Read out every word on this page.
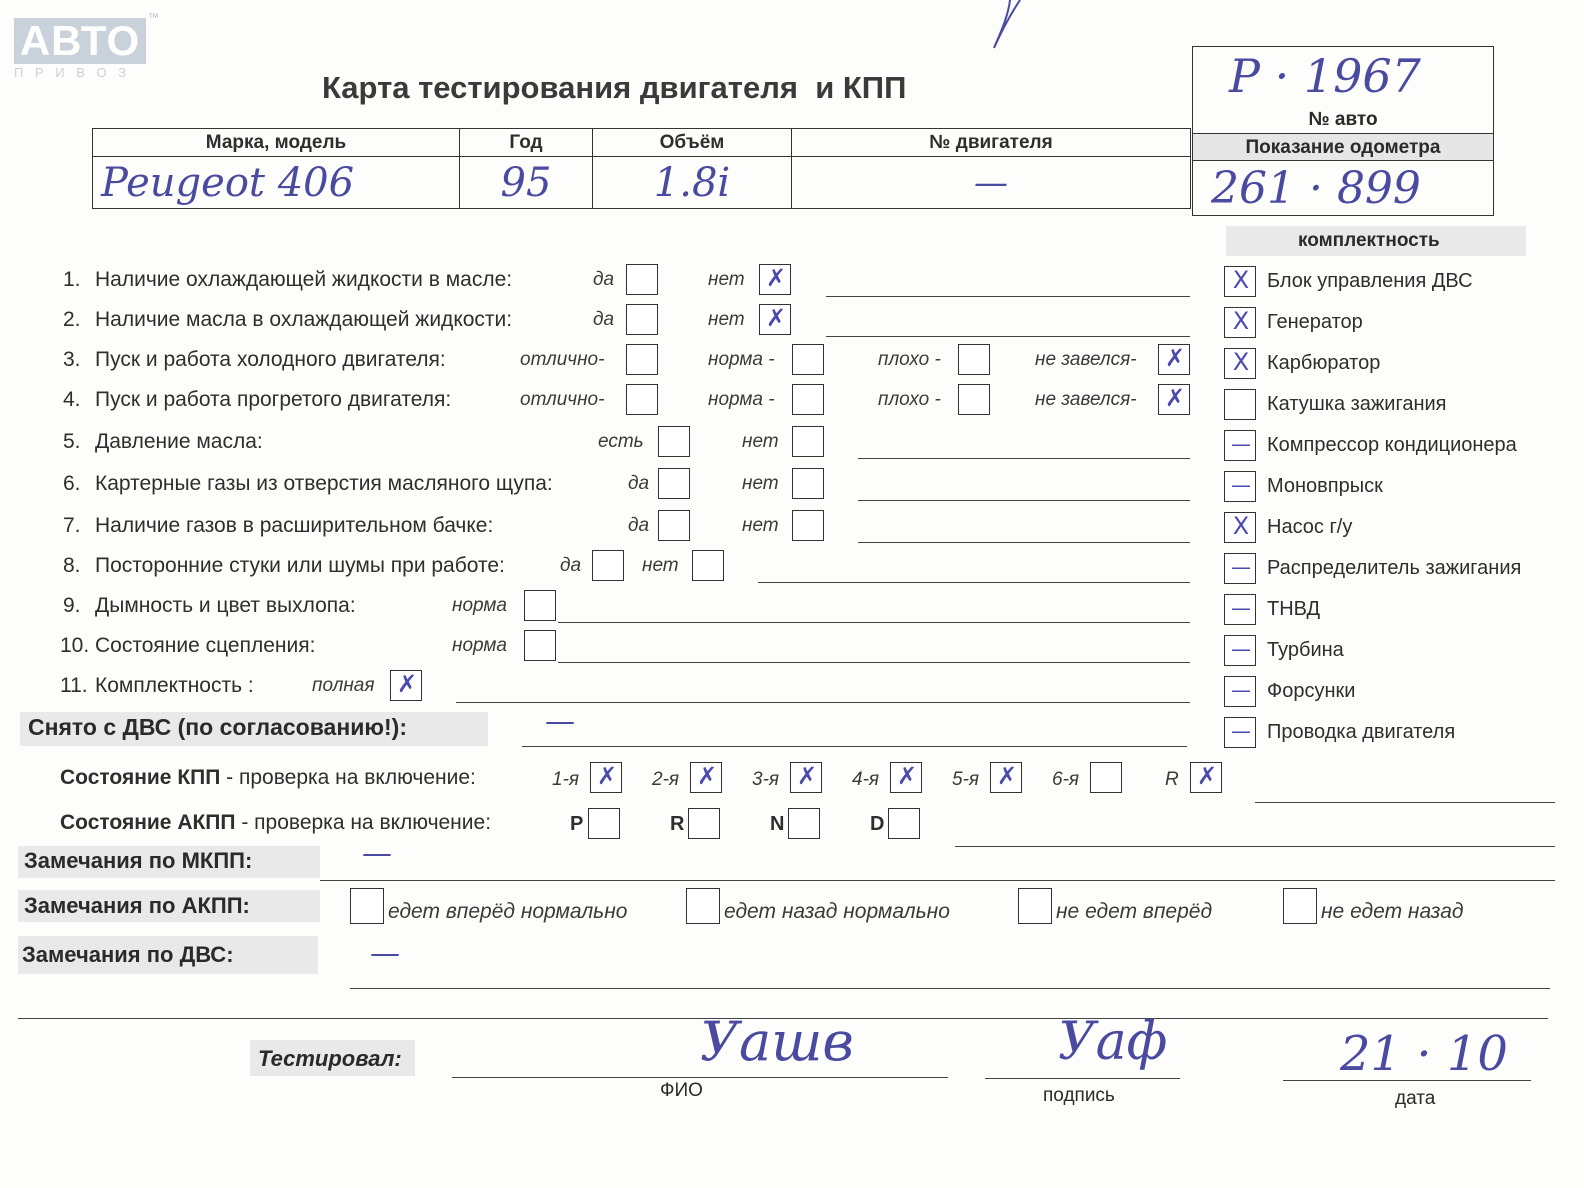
АВТО
П Р И В О З
™
Карта тестирования двигателя  и КПП
Марка, модель	Год	Объём	№ двигателя
Peugeot 406	95	1.8i	—
P · 1967
№ авто
Показание одометра
261 · 899
комплектность
1. Наличие охлаждающей жидкости в масле:	да	нет ✗
2. Наличие масла в охлаждающей жидкости:	да	нет ✗
3. Пуск и работа холодного двигателя:	отлично-	норма -	плохо -	не завелся- ✗
4. Пуск и работа прогретого двигателя:	отлично-	норма -	плохо -	не завелся- ✗
5. Давление масла:	есть	нет
6. Картерные газы из отверстия масляного щупа:	да	нет
7. Наличие газов в расширительном бачке:	да	нет
8. Посторонние стуки или шумы при работе:	да	нет
9. Дымность и цвет выхлопа:	норма
10. Состояние сцепления:	норма
11. Комплектность :	полная ✗
X Блок управления ДВС
X Генератор
X Карбюратор
Катушка зажигания
— Компрессор кондиционера
— Моновпрыск
X Насос г/у
— Распределитель зажигания
— ТНВД
— Турбина
— Форсунки
— Проводка двигателя
Снято с ДВС (по согласованию!):	—
Состояние КПП - проверка на включение:	1-я ✗ 2-я ✗ 3-я ✗ 4-я ✗ 5-я ✗ 6-я	R ✗
Состояние АКПП - проверка на включение:	P	R	N	D
Замечания по МКПП:	—
Замечания по АКПП:	едет вперёд нормально	едет назад нормально	не едет вперёд	не едет назад
Замечания по ДВС:	—
Тестировал:	Уашв
ФИО
Уаф
подпись
21 · 10
дата
